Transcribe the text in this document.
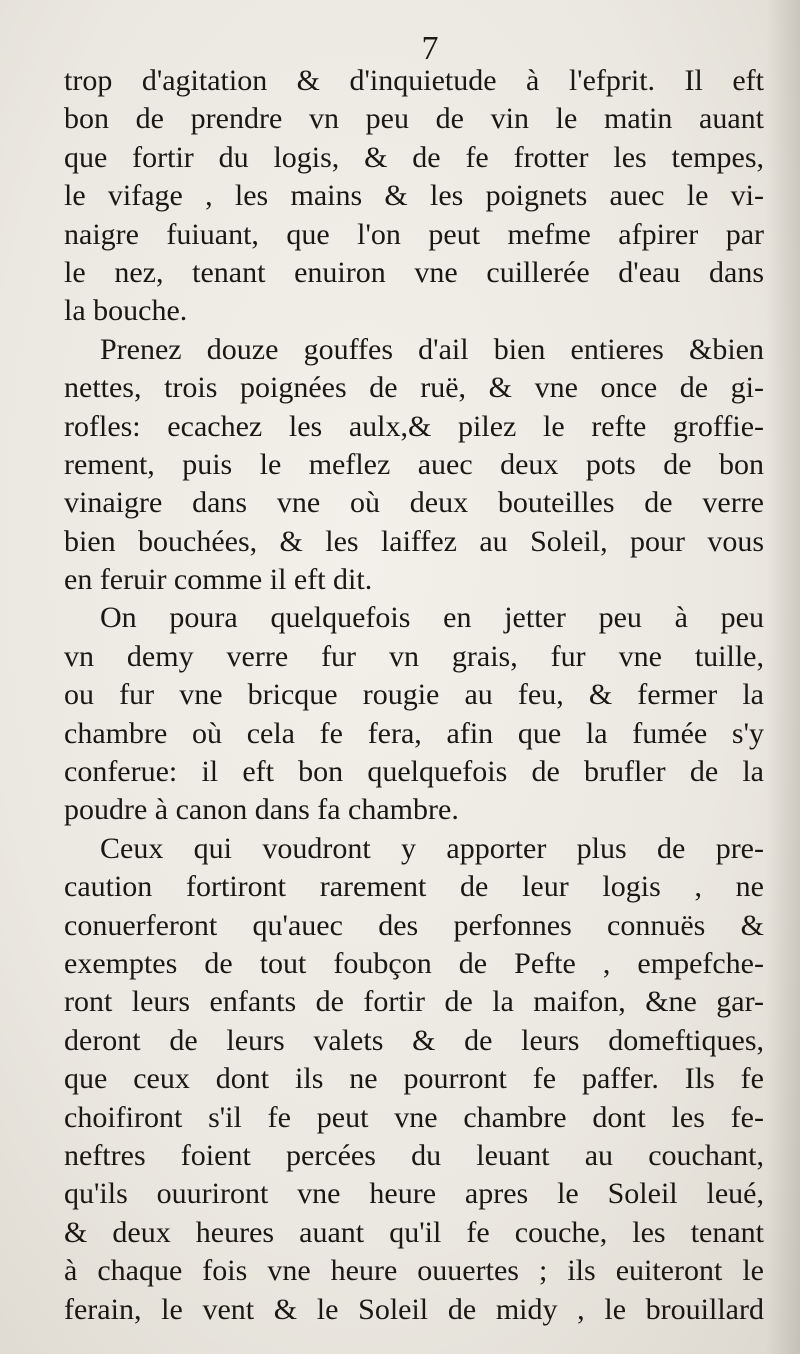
7
trop d'agitation & d'inquietude à l'efprit. Il eft
bon de prendre vn peu de vin le matin auant
que fortir du logis, & de fe frotter les tempes,
le vifage , les mains & les poignets auec le vi-
naigre fuiuant, que l'on peut mefme afpirer par
le nez, tenant enuiron vne cuillerée d'eau dans
la bouche.
Prenez douze gouffes d'ail bien entieres &bien
nettes, trois poignées de ruë, & vne once de gi-
rofles: ecachez les aulx,& pilez le refte groffie-
rement, puis le meflez auec deux pots de bon
vinaigre dans vne où deux bouteilles de verre
bien bouchées, & les laiffez au Soleil, pour vous
en feruir comme il eft dit.
On poura quelquefois en jetter peu à peu
vn demy verre fur vn grais, fur vne tuille,
ou fur vne bricque rougie au feu, & fermer la
chambre où cela fe fera, afin que la fumée s'y
conferue: il eft bon quelquefois de brufler de la
poudre à canon dans fa chambre.
Ceux qui voudront y apporter plus de pre-
caution fortiront rarement de leur logis , ne
conuerferont qu'auec des perfonnes connuës &
exemptes de tout foubçon de Pefte , empefche-
ront leurs enfants de fortir de la maifon, &ne gar-
deront de leurs valets & de leurs domeftiques,
que ceux dont ils ne pourront fe paffer. Ils fe
choifiront s'il fe peut vne chambre dont les fe-
neftres foient percées du leuant au couchant,
qu'ils ouuriront vne heure apres le Soleil leué,
& deux heures auant qu'il fe couche, les tenant
à chaque fois vne heure ouuertes ; ils euiteront le
ferain, le vent & le Soleil de midy , le brouillard
